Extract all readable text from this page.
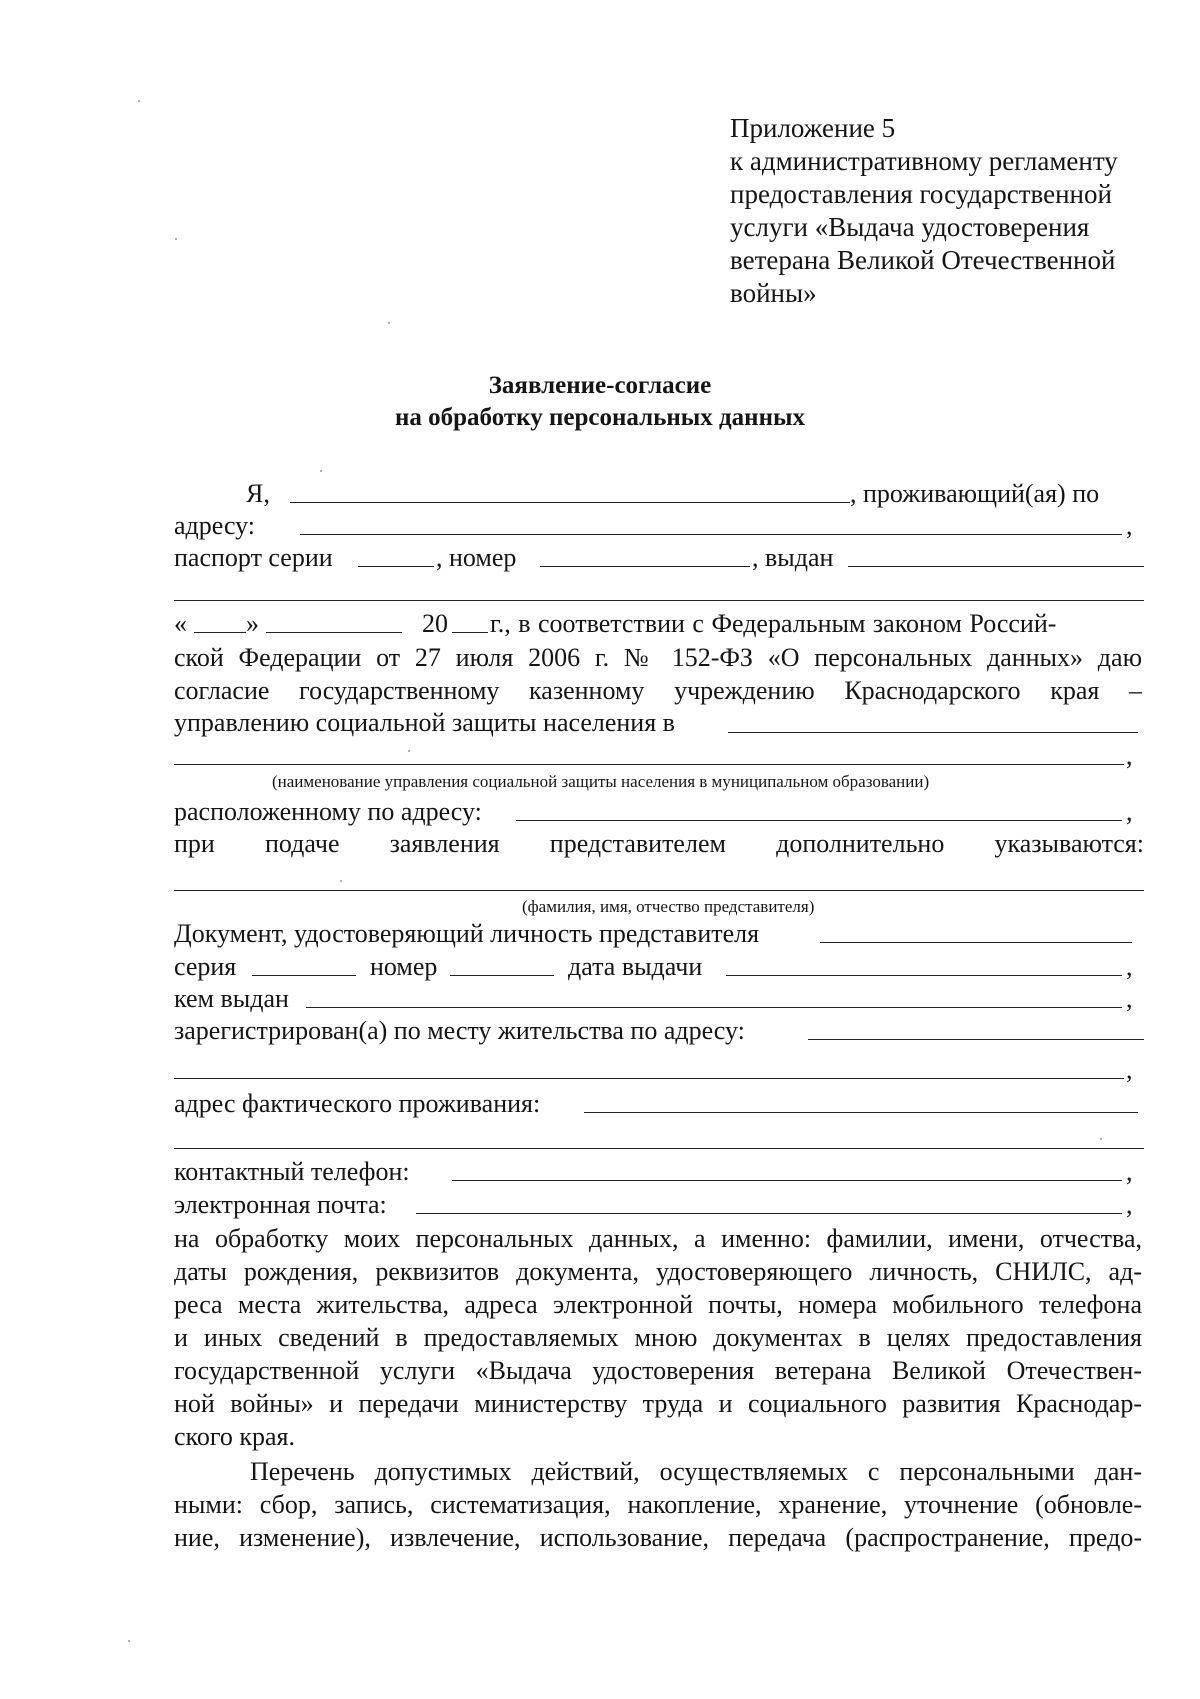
Приложение 5
к административному регламенту
предоставления государственной
услуги «Выдача удостоверения
ветерана Великой Отечественной
войны»
Заявление-согласие
на обработку персональных данных
Я,	, проживающий(ая) по
адресу:	,
паспорт серии	, номер	, выдан
« »	20 г., в соответствии с Федеральным законом Россий-
ской Федерации от 27 июля 2006 г. № 152-ФЗ «О персональных данных» даю
согласие государственному казенному учреждению Краснодарского края –
управлению социальной защиты населения в
,
(наименование управления социальной защиты населения в муниципальном образовании)
расположенному по адресу:	,
при подаче заявления представителем дополнительно указываются:
(фамилия, имя, отчество представителя)
Документ, удостоверяющий личность представителя
серия	номер	дата выдачи	,
кем выдан	,
зарегистрирован(а) по месту жительства по адресу:
,
адрес фактического проживания:
контактный телефон:	,
электронная почта:	,
на обработку моих персональных данных, а именно: фамилии, имени, отчества,
даты рождения, реквизитов документа, удостоверяющего личность, СНИЛС, ад-
реса места жительства, адреса электронной почты, номера мобильного телефона
и иных сведений в предоставляемых мною документах в целях предоставления
государственной услуги «Выдача удостоверения ветерана Великой Отечествен-
ной войны» и передачи министерству труда и социального развития Краснодар-
ского края.
Перечень допустимых действий, осуществляемых с персональными дан-
ными: сбор, запись, систематизация, накопление, хранение, уточнение (обновле-
ние, изменение), извлечение, использование, передача (распространение, предо-
